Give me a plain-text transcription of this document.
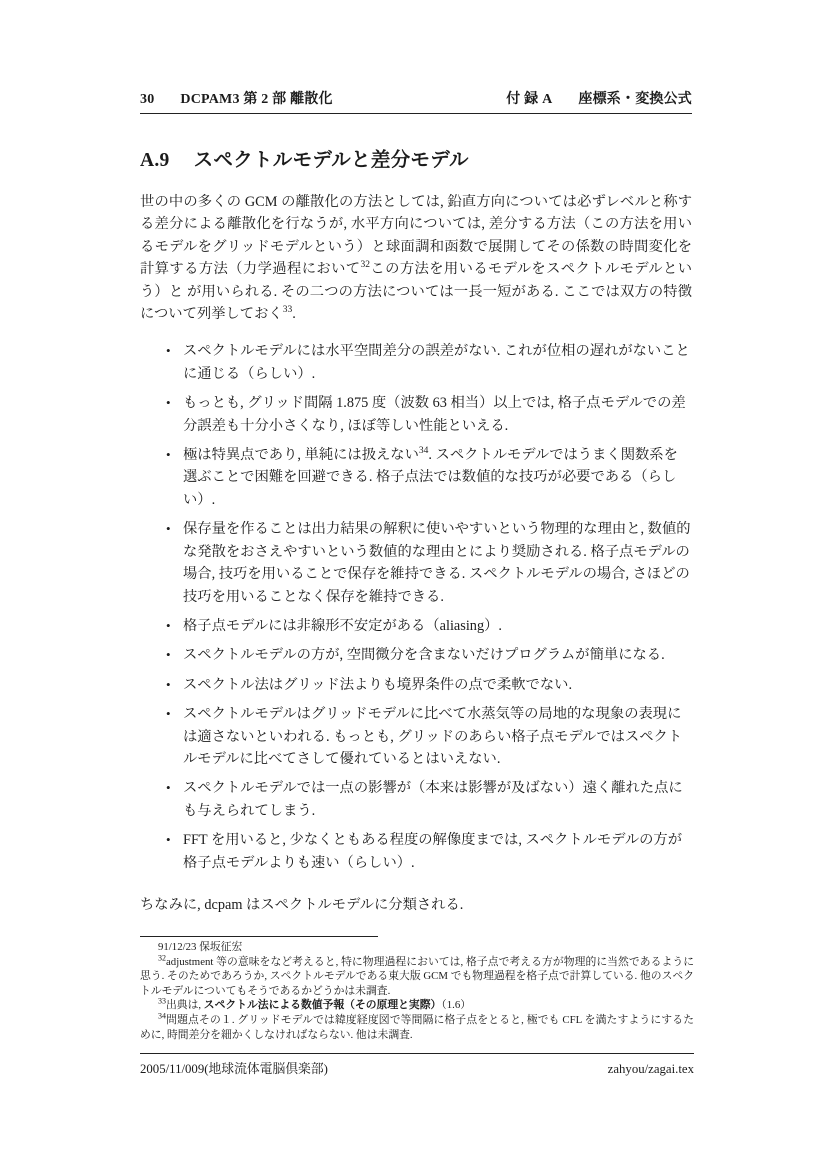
30 DCPAM3 第 2 部 離散化	付 録 A 座標系・変換公式
A.9 スペクトルモデルと差分モデル

世の中の多くの GCM の離散化の方法としては, 鉛直方向については必ずレベルと称する差分による離散化を行なうが, 水平方向については, 差分する方法（この方法を用いるモデルをグリッドモデルという）と球面調和函数で展開してその係数の時間変化を計算する方法（力学過程において$^{32}$この方法を用いるモデルをスペクトルモデルという）と が用いられる. その二つの方法については一長一短がある. ここでは双方の特徴について列挙しておく$^{33}$.

• スペクトルモデルには水平空間差分の誤差がない. これが位相の遅れがないことに通じる（らしい）.
• もっとも, グリッド間隔 1.875 度（波数 63 相当）以上では, 格子点モデルでの差分誤差も十分小さくなり, ほぼ等しい性能といえる.
• 極は特異点であり, 単純には扱えない$^{34}$. スペクトルモデルではうまく関数系を選ぶことで困難を回避できる. 格子点法では数値的な技巧が必要である（らしい）.
• 保存量を作ることは出力結果の解釈に使いやすいという物理的な理由と, 数値的な発散をおさえやすいという数値的な理由とにより奨励される. 格子点モデルの場合, 技巧を用いることで保存を維持できる. スペクトルモデルの場合, さほどの技巧を用いることなく保存を維持できる.
• 格子点モデルには非線形不安定がある（aliasing）.
• スペクトルモデルの方が, 空間微分を含まないだけプログラムが簡単になる.
• スペクトル法はグリッド法よりも境界条件の点で柔軟でない.
• スペクトルモデルはグリッドモデルに比べて水蒸気等の局地的な現象の表現には適さないといわれる. もっとも, グリッドのあらい格子点モデルではスペクトルモデルに比べてさして優れているとはいえない.
• スペクトルモデルでは一点の影響が（本来は影響が及ばない）遠く離れた点にも与えられてしまう.
• FFT を用いると, 少なくともある程度の解像度までは, スペクトルモデルの方が格子点モデルよりも速い（らしい）.

ちなみに, dcpam はスペクトルモデルに分類される.

91/12/23 保坂征宏

$^{32}$adjustment 等の意味をなど考えると, 特に物理過程においては, 格子点で考える方が物理的に当然であるように思う. そのためであろうか, スペクトルモデルである東大版 GCM でも物理過程を格子点で計算している. 他のスペクトルモデルについてもそうであるかどうかは未調査.

$^{33}$出典は, スペクトル法による数値予報（その原理と実際）（1.6）

$^{34}$問題点その１. グリッドモデルでは緯度経度図で等間隔に格子点をとると, 極でも CFL を満たすようにするために, 時間差分を細かくしなければならない. 他は未調査.

2005/11/009(地球流体電脳倶楽部)	zahyou/zagai.tex
